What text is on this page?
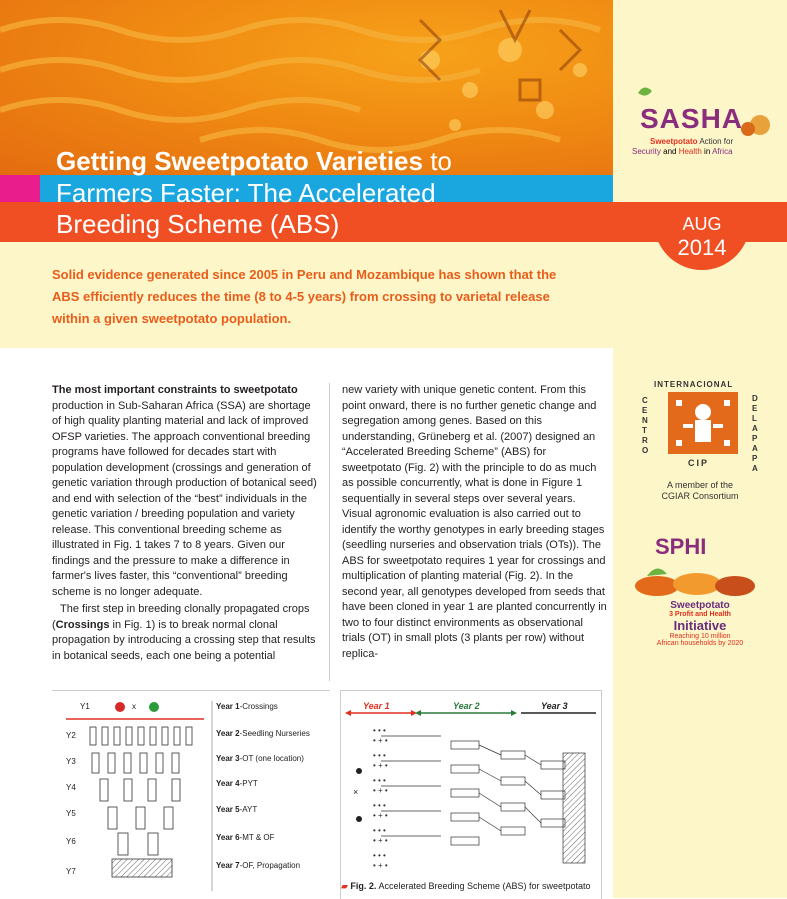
Getting Sweetpotato Varieties to
Farmers Faster: The Accelerated
Breeding Scheme (ABS)	AUG
2014

Solid evidence generated since 2005 in Peru and Mozambique has shown that the ABS efficiently reduces the time (8 to 4-5 years) from crossing to varietal release within a given sweetpotato population.

The most important constraints to sweetpotato production in Sub-Saharan Africa (SSA) are shortage of high quality planting material and lack of improved OFSP varieties. The approach conventional breeding programs have followed for decades start with population development (crossings and generation of genetic variation through production of botanical seed) and end with selection of the “best” individuals in the genetic variation / breeding population and variety release. This conventional breeding scheme as illustrated in Fig. 1 takes 7 to 8 years. Given our findings and the pressure to make a difference in farmer's lives faster, this “conventional” breeding scheme is no longer adequate.

The first step in breeding clonally propagated crops (Crossings in Fig. 1) is to break normal clonal propagation by introducing a crossing step that results in botanical seeds, each one being a potential

new variety with unique genetic content. From this point onward, there is no further genetic change and segregation among genes. Based on this understanding, Grüneberg et al. (2007) designed an “Accelerated Breeding Scheme” (ABS) for sweetpotato (Fig. 2) with the principle to do as much as possible concurrently, what is done in Figure 1 sequentially in several steps over several years. Visual agronomic evaluation is also carried out to identify the worthy genotypes in early breeding stages (seedling nurseries and observation trials (OTs)). The ABS for sweetpotato requires 1 year for crossings and multiplication of planting material (Fig. 2). In the second year, all genotypes developed from seeds that have been cloned in year 1 are planted concurrently in two to four distinct environments as observational trials (OT) in small plots (3 plants per row) without replica-

Y1	x
Y2
Y3
Y4
Y5
Y6
Y7
Year 1-Crossings
Year 2-Seedling Nurseries
Year 3-OT (one location)
Year 4-PYT
Year 5-AYT
Year 6-MT & OF
Year 7-OF, Propagation
• • •
• + •
• • •
• + •
• • •
• + •
• • •
• + •
• • •
• + •
• • •
• + •
Year 1	Year 2	Year 3
×
▰ Fig. 2. Accelerated Breeding Scheme (ABS) for sweetpotato
SASHA
Sweetpotato Action for
Security and Health in Africa
INTERNACIONAL
CENTRO
DE LA PAPA
CIP
A member of the
CGIAR Consortium
SPHI
Sweetpotato
3 Profit and Health
Initiative
Reaching 10 million
African households by 2020
